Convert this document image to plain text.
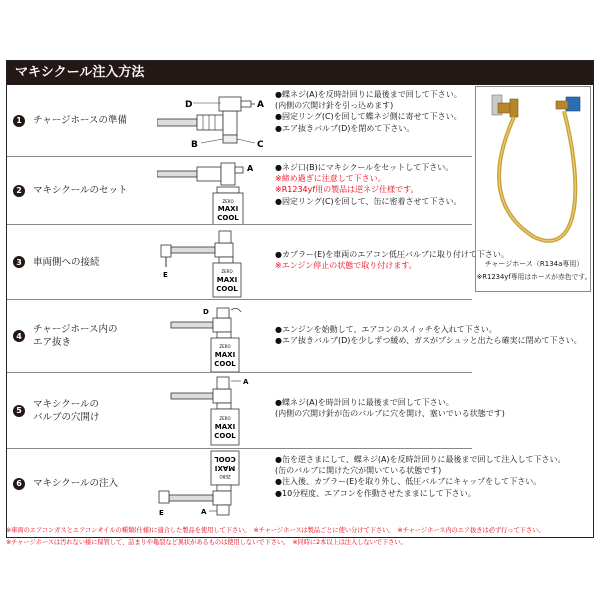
マキシクール注入方法
1	チャージホースの準備
A
D
B	C
●蝶ネジ(A)を反時計回りに最後まで回して下さい。
(内側の穴開け針を引っ込めます)
●固定リング(C)を回して蝶ネジ側に寄せて下さい。
●エア抜きバルブ(D)を閉めて下さい。
2	マキシクールのセット
A
ZERO
MAXI
COOL
●ネジ口(B)にマキシクールをセットして下さい。
※締め過ぎに注意して下さい。
※R1234yf用の製品は逆ネジ仕様です。
●固定リング(C)を回して、缶に密着させて下さい。
3	車両側への接続
E	ZERO
MAXI
COOL
●カプラー(E)を車両のエアコン低圧バルブに取り付けて下さい。
※エンジン停止の状態で取り付けます。
4
チャージホース内の
エア抜き
D
ZERO
MAXI
COOL
●エンジンを始動して、エアコンのスイッチを入れて下さい。
●エア抜きバルブ(D)を少しずつ緩め、ガスがプシュッと出たら確実に閉めて下さい。
5
マキシクールの
バルブの穴開け
A
ZERO
MAXI
COOL
●蝶ネジ(A)を時計回りに最後まで回して下さい。
(内側の穴開け針が缶のバルブに穴を開け、塞いでいる状態です)
6	マキシクールの注入
ZERO
MAXI
COOL
A
E
●缶を逆さまにして、蝶ネジ(A)を反時計回りに最後まで回して注入して下さい。
(缶のバルブに開けた穴が開いている状態です)
●注入後、カプラー(E)を取り外し、低圧バルブにキャップをして下さい。
●10分程度、エアコンを作動させたままにして下さい。
チャージホース（R134a専用）
※R1234yf専用はホースが赤色です。
※車両のエアコンガスとエアコンオイルの種類(仕様)に適合した製品を使用して下さい。　※チャージホースは製品ごとに使い分けて下さい。　※チャージホース内のエア抜きは必ず行って下さい。
※チャージホースは汚れない様に保管して、詰まりや亀裂など異状があるものは使用しないで下さい。　※同時に2本以上は注入しないで下さい。
